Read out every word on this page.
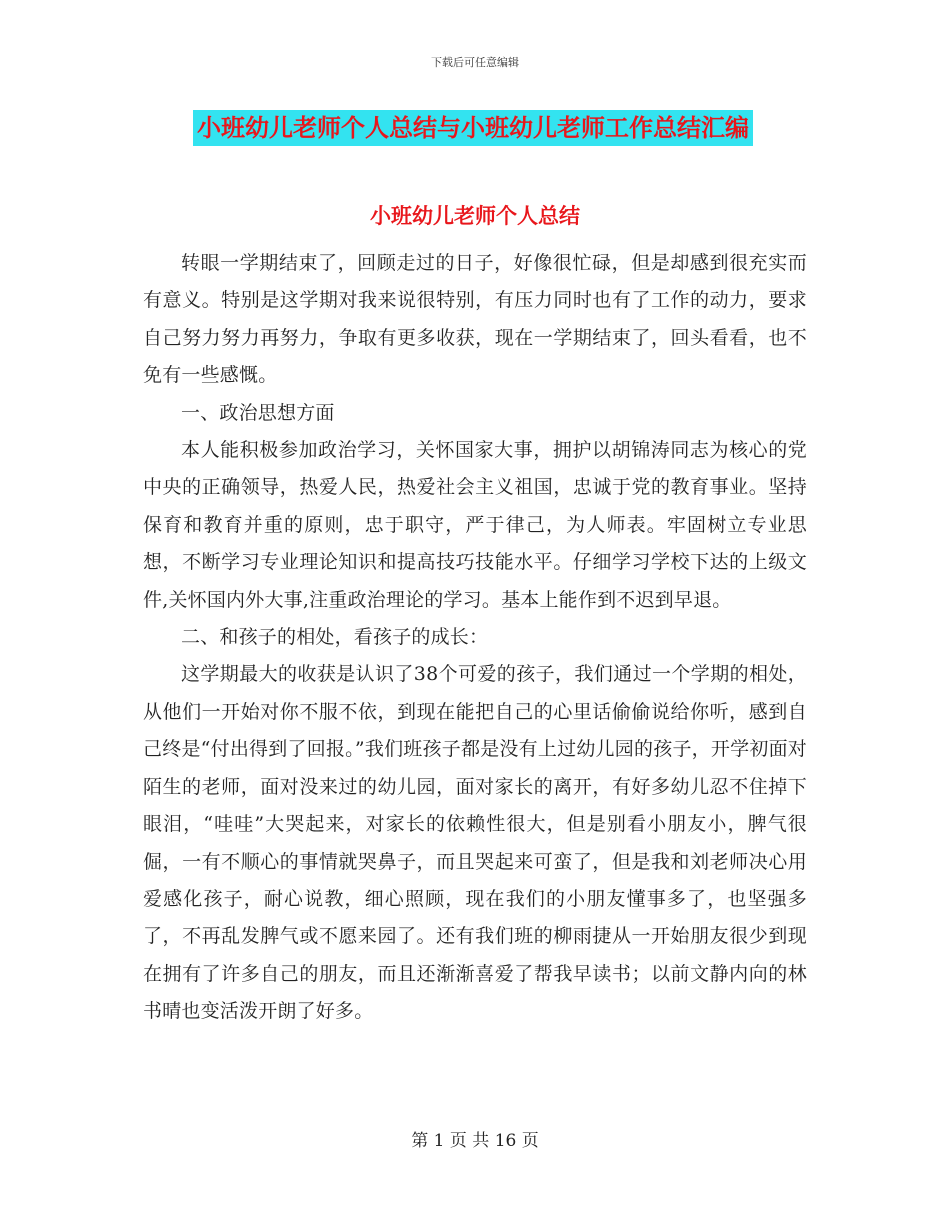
下载后可任意编辑
小班幼儿老师个人总结与小班幼儿老师工作总结汇编
小班幼儿老师个人总结

转眼一学期结束了，回顾走过的日子，好像很忙碌，但是却感到很充实而有意义。特别是这学期对我来说很特别，有压力同时也有了工作的动力，要求自己努力努力再努力，争取有更多收获，现在一学期结束了，回头看看，也不免有一些感慨。

一、政治思想方面

本人能积极参加政治学习，关怀国家大事，拥护以胡锦涛同志为核心的党中央的正确领导，热爱人民，热爱社会主义祖国，忠诚于党的教育事业。坚持保育和教育并重的原则，忠于职守，严于律己，为人师表。牢固树立专业思想，不断学习专业理论知识和提高技巧技能水平。仔细学习学校下达的上级文件,关怀国内外大事,注重政治理论的学习。基本上能作到不迟到早退。

二、和孩子的相处，看孩子的成长：

这学期最大的收获是认识了38个可爱的孩子，我们通过一个学期的相处，从他们一开始对你不服不依，到现在能把自己的心里话偷偷说给你听，感到自己终是“付出得到了回报。”我们班孩子都是没有上过幼儿园的孩子，开学初面对陌生的老师，面对没来过的幼儿园，面对家长的离开，有好多幼儿忍不住掉下眼泪，“哇哇”大哭起来，对家长的依赖性很大，但是别看小朋友小，脾气很倔，一有不顺心的事情就哭鼻子，而且哭起来可蛮了，但是我和刘老师决心用爱感化孩子，耐心说教，细心照顾，现在我们的小朋友懂事多了，也坚强多了，不再乱发脾气或不愿来园了。还有我们班的柳雨捷从一开始朋友很少到现在拥有了许多自己的朋友，而且还渐渐喜爱了帮我早读书；以前文静内向的林书晴也变活泼开朗了好多。

第 1 页 共 16 页
